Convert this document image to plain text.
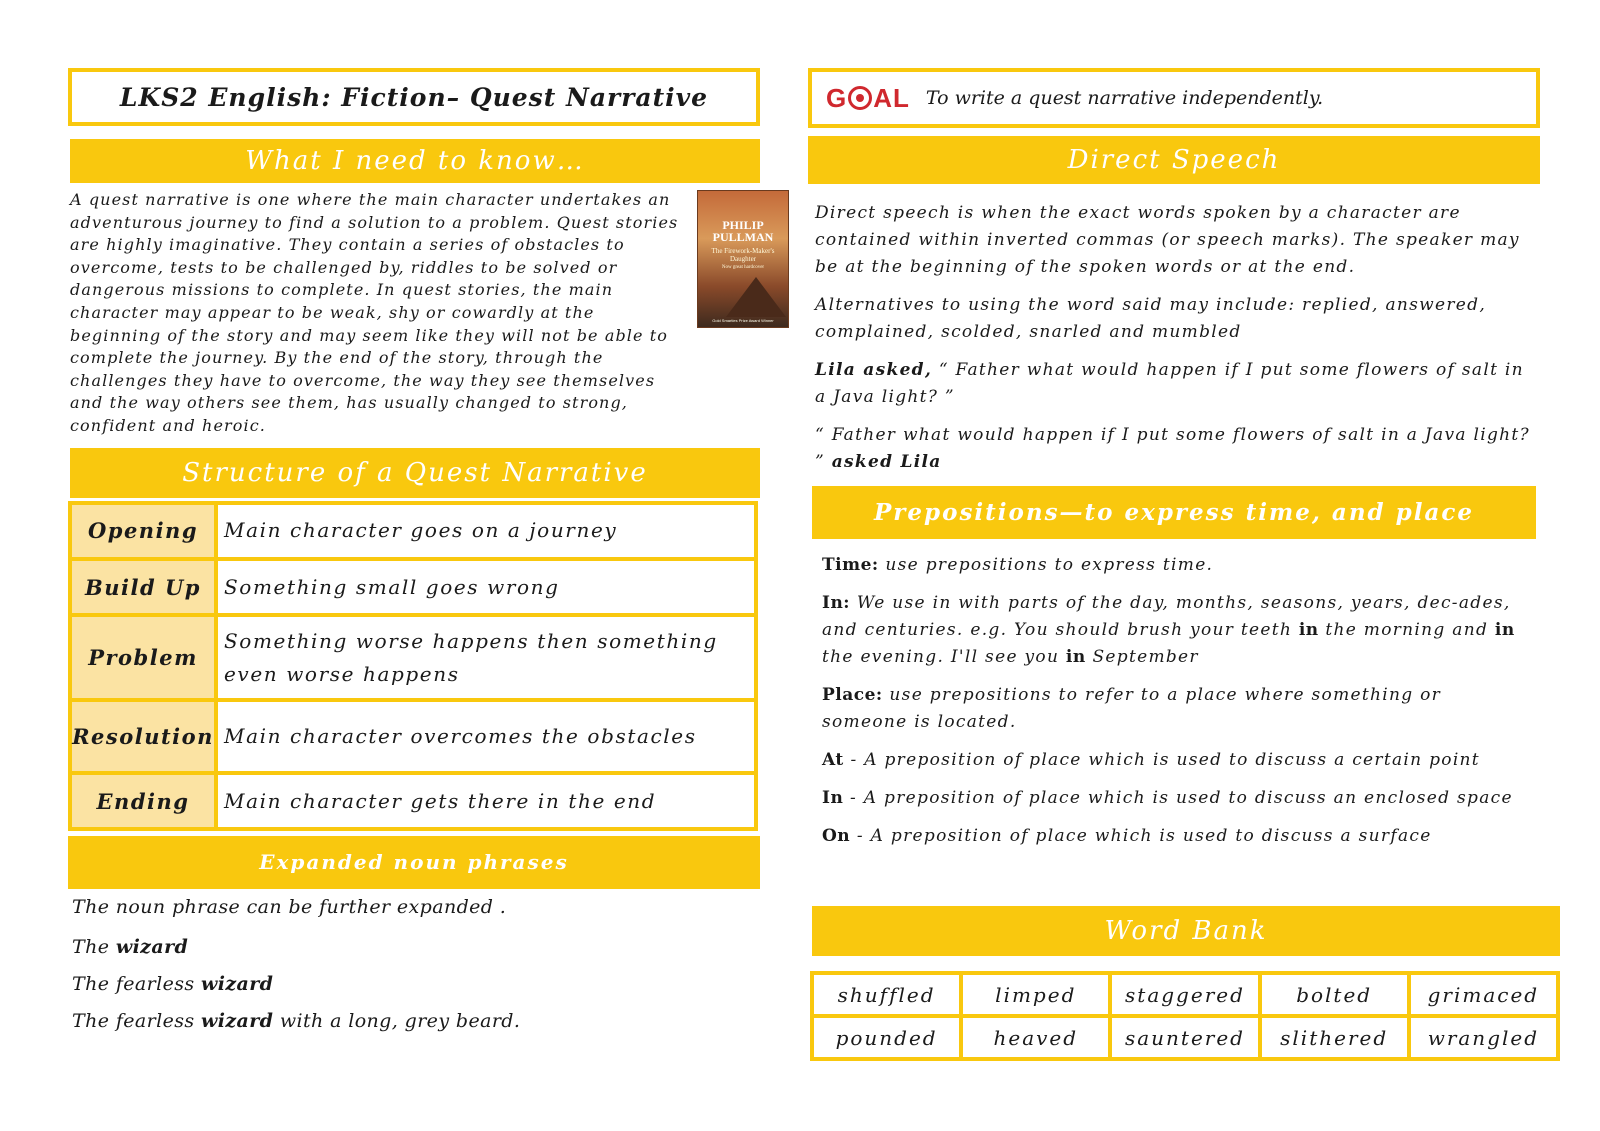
LKS2 English: Fiction– Quest Narrative	G AL To write a quest narrative independently.
What I need to know…
A quest narrative is one where the main character undertakes an adventurous journey to find a solution to a problem. Quest stories are highly imaginative. They contain a series of obstacles to overcome, tests to be challenged by, riddles to be solved or dangerous missions to complete. In quest stories, the main character may appear to be weak, shy or cowardly at the beginning of the story and may seem like they will not be able to complete the journey. By the end of the story, through the challenges they have to overcome, the way they see themselves and the way others see them, has usually changed to strong, confident and heroic.
PHILIP PULLMAN
The Firework-Maker's Daughter
Now great hardcover
Gold Smarties Prize Award Winner
Structure of a Quest Narrative
Opening	Main character goes on a journey
Build Up	Something small goes wrong
Problem	Something worse happens then something even worse happens
Resolution	Main character overcomes the obstacles
Ending	Main character gets there in the end
Expanded noun phrases

The noun phrase can be further expanded .

The wizard

The fearless wizard

The fearless wizard with a long, grey beard.

Direct Speech

Direct speech is when the exact words spoken by a character are contained within inverted commas (or speech marks). The speaker may be at the beginning of the spoken words or at the end.

Alternatives to using the word said may include: replied, answered, complained, scolded, snarled and mumbled

Lila asked, “ Father what would happen if I put some flowers of salt in a Java light? ”

“ Father what would happen if I put some flowers of salt in a Java light? ” asked Lila

Prepositions—to express time, and place

Time: use prepositions to express time.

In: We use in with parts of the day, months, seasons, years, dec-ades, and centuries. e.g. You should brush your teeth in the morning and in the evening. I'll see you in September

Place: use prepositions to refer to a place where something or someone is located.

At - A preposition of place which is used to discuss a certain point

In - A preposition of place which is used to discuss an enclosed space

On - A preposition of place which is used to discuss a surface

Word Bank
shuffled	limped	staggered	bolted	grimaced
pounded	heaved	sauntered	slithered	wrangled
